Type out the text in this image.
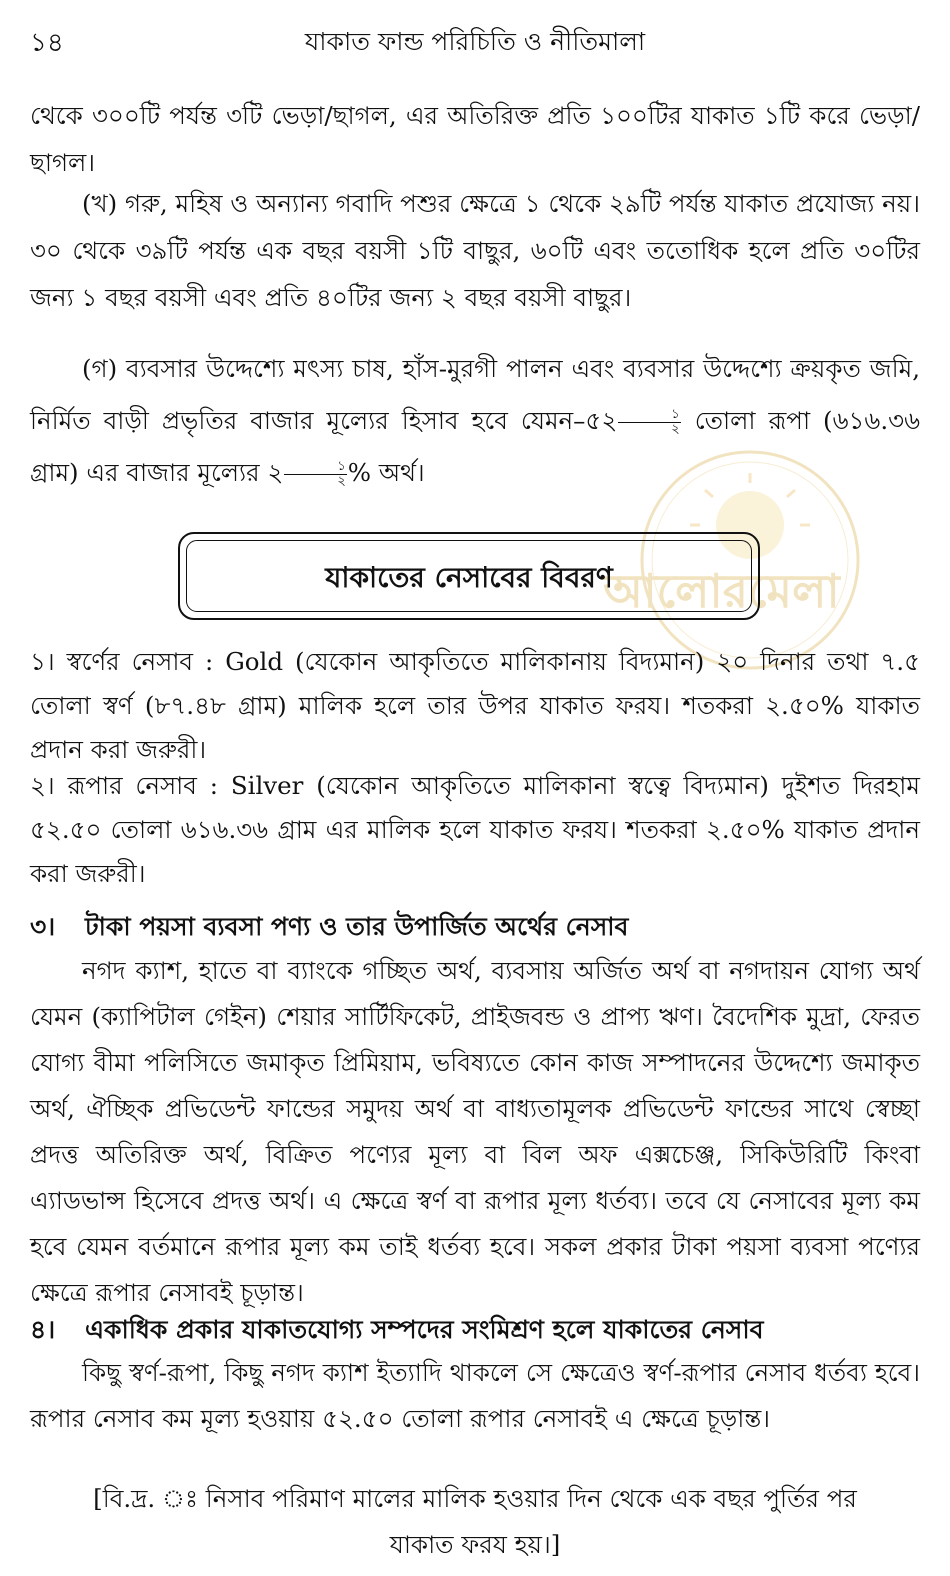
১৪	যাকাত ফান্ড পরিচিতি ও নীতিমালা
থেকে ৩০০টি পর্যন্ত ৩টি ভেড়া/ছাগল, এর অতিরিক্ত প্রতি ১০০টির যাকাত ১টি করে ভেড়া/ছাগল।
(খ) গরু, মহিষ ও অন্যান্য গবাদি পশুর ক্ষেত্রে ১ থেকে ২৯টি পর্যন্ত যাকাত প্রযোজ্য নয়। ৩০ থেকে ৩৯টি পর্যন্ত এক বছর বয়সী ১টি বাছুর, ৬০টি এবং ততোধিক হলে প্রতি ৩০টির জন্য ১ বছর বয়সী এবং প্রতি ৪০টির জন্য ২ বছর বয়সী বাছুর।
(গ) ব্যবসার উদ্দেশ্যে মৎস্য চাষ, হাঁস-মুরগী পালন এবং ব্যবসার উদ্দেশ্যে ক্রয়কৃত জমি, নির্মিত বাড়ী প্রভৃতির বাজার মূল্যের হিসাব হবে যেমন–৫২ $\frac{১}{২}$ তোলা রূপা (৬১৬.৩৬ গ্রাম) এর বাজার মূল্যের ২ $\frac{১}{২}$ % অর্থ।
আলোরমেলা
যাকাতের নেসাবের বিবরণ
১। স্বর্ণের নেসাব : Gold (যেকোন আকৃতিতে মালিকানায় বিদ্যমান) ২০ দিনার তথা ৭.৫ তোলা স্বর্ণ (৮৭.৪৮ গ্রাম) মালিক হলে তার উপর যাকাত ফরয। শতকরা ২.৫০% যাকাত প্রদান করা জরুরী।
২। রূপার নেসাব : Silver (যেকোন আকৃতিতে মালিকানা স্বত্বে বিদ্যমান) দুইশত দিরহাম ৫২.৫০ তোলা ৬১৬.৩৬ গ্রাম এর মালিক হলে যাকাত ফরয। শতকরা ২.৫০% যাকাত প্রদান করা জরুরী।
৩। টাকা পয়সা ব্যবসা পণ্য ও তার উপার্জিত অর্থের নেসাব
নগদ ক্যাশ, হাতে বা ব্যাংকে গচ্ছিত অর্থ, ব্যবসায় অর্জিত অর্থ বা নগদায়ন যোগ্য অর্থ যেমন (ক্যাপিটাল গেইন) শেয়ার সার্টিফিকেট, প্রাইজবন্ড ও প্রাপ্য ঋণ। বৈদেশিক মুদ্রা, ফেরত যোগ্য বীমা পলিসিতে জমাকৃত প্রিমিয়াম, ভবিষ্যতে কোন কাজ সম্পাদনের উদ্দেশ্যে জমাকৃত অর্থ, ঐচ্ছিক প্রভিডেন্ট ফান্ডের সমুদয় অর্থ বা বাধ্যতামূলক প্রভিডেন্ট ফান্ডের সাথে স্বেচ্ছা প্রদত্ত অতিরিক্ত অর্থ, বিক্রিত পণ্যের মূল্য বা বিল অফ এক্সচেঞ্জ, সিকিউরিটি কিংবা এ্যাডভান্স হিসেবে প্রদত্ত অর্থ। এ ক্ষেত্রে স্বর্ণ বা রূপার মূল্য ধর্তব্য। তবে যে নেসাবের মূল্য কম হবে যেমন বর্তমানে রূপার মূল্য কম তাই ধর্তব্য হবে। সকল প্রকার টাকা পয়সা ব্যবসা পণ্যের ক্ষেত্রে রূপার নেসাবই চূড়ান্ত।
৪। একাধিক প্রকার যাকাতযোগ্য সম্পদের সংমিশ্রণ হলে যাকাতের নেসাব
কিছু স্বর্ণ-রূপা, কিছু নগদ ক্যাশ ইত্যাদি থাকলে সে ক্ষেত্রেও স্বর্ণ-রূপার নেসাব ধর্তব্য হবে। রূপার নেসাব কম মূল্য হওয়ায় ৫২.৫০ তোলা রূপার নেসাবই এ ক্ষেত্রে চূড়ান্ত।
[বি.দ্র. ঃ নিসাব পরিমাণ মালের মালিক হওয়ার দিন থেকে এক বছর পুর্তির পর যাকাত ফরয হয়।]
